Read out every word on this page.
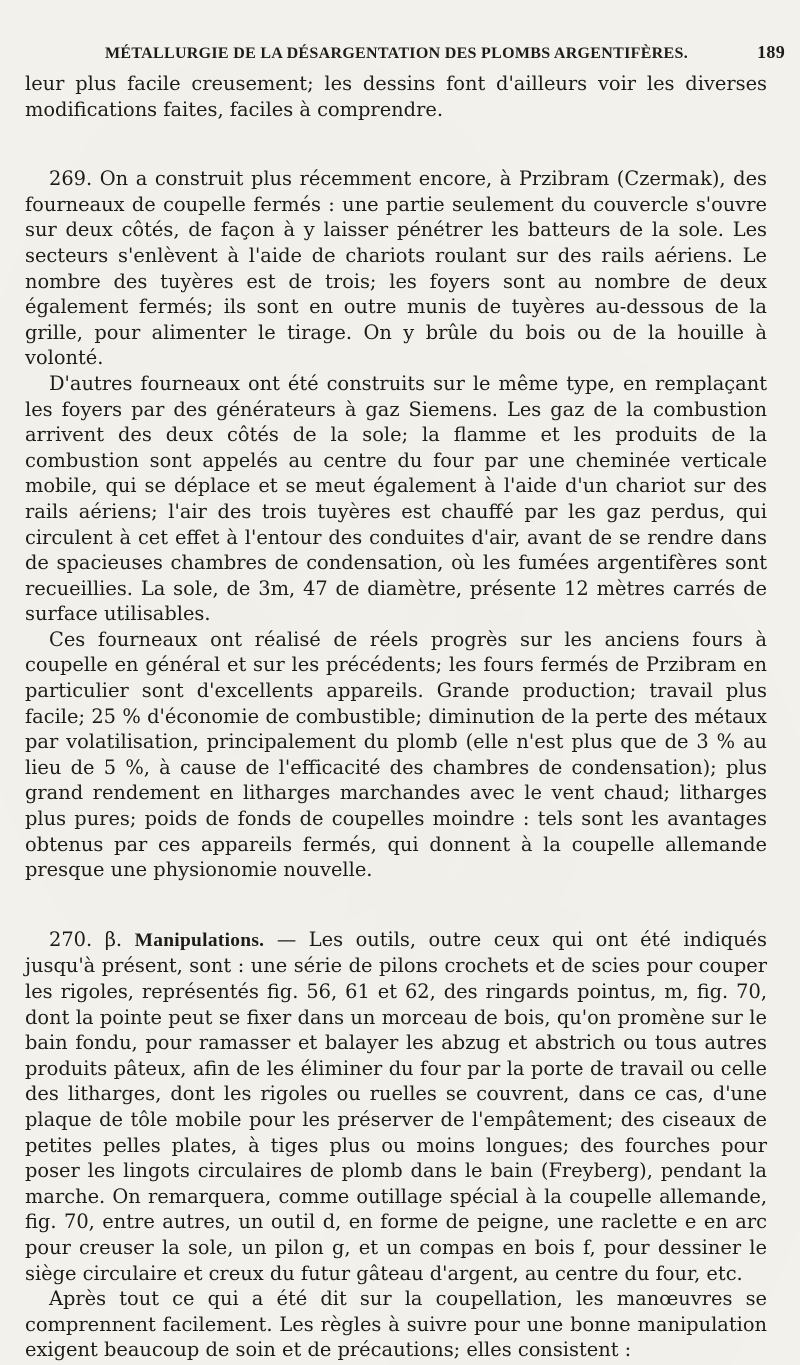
MÉTALLURGIE DE LA DÉSARGENTATION DES PLOMBS ARGENTIFÈRES.	189

leur plus facile creusement; les dessins font d'ailleurs voir les diverses modifications faites, faciles à comprendre.

269. On a construit plus récemment encore, à Przibram (Czermak), des fourneaux de coupelle fermés : une partie seulement du couvercle s'ouvre sur deux côtés, de façon à y laisser pénétrer les batteurs de la sole. Les secteurs s'enlèvent à l'aide de chariots roulant sur des rails aériens. Le nombre des tuyères est de trois; les foyers sont au nombre de deux également fermés; ils sont en outre munis de tuyères au-dessous de la grille, pour alimenter le tirage. On y brûle du bois ou de la houille à volonté.

D'autres fourneaux ont été construits sur le même type, en remplaçant les foyers par des générateurs à gaz Siemens. Les gaz de la combustion arrivent des deux côtés de la sole; la flamme et les produits de la combustion sont appelés au centre du four par une cheminée verticale mobile, qui se déplace et se meut également à l'aide d'un chariot sur des rails aériens; l'air des trois tuyères est chauffé par les gaz perdus, qui circulent à cet effet à l'entour des conduites d'air, avant de se rendre dans de spacieuses chambres de condensation, où les fumées argentifères sont recueillies. La sole, de 3m, 47 de diamètre, présente 12 mètres carrés de surface utilisables.

Ces fourneaux ont réalisé de réels progrès sur les anciens fours à coupelle en général et sur les précédents; les fours fermés de Przibram en particulier sont d'excellents appareils. Grande production; travail plus facile; 25 % d'économie de combustible; diminution de la perte des métaux par volatilisation, principalement du plomb (elle n'est plus que de 3 % au lieu de 5 %, à cause de l'efficacité des chambres de condensation); plus grand rendement en litharges marchandes avec le vent chaud; litharges plus pures; poids de fonds de coupelles moindre : tels sont les avantages obtenus par ces appareils fermés, qui donnent à la coupelle allemande presque une physionomie nouvelle.

270. β. Manipulations. — Les outils, outre ceux qui ont été indiqués jusqu'à présent, sont : une série de pilons crochets et de scies pour couper les rigoles, représentés fig. 56, 61 et 62, des ringards pointus, m, fig. 70, dont la pointe peut se fixer dans un morceau de bois, qu'on promène sur le bain fondu, pour ramasser et balayer les abzug et abstrich ou tous autres produits pâteux, afin de les éliminer du four par la porte de travail ou celle des litharges, dont les rigoles ou ruelles se couvrent, dans ce cas, d'une plaque de tôle mobile pour les préserver de l'empâtement; des ciseaux de petites pelles plates, à tiges plus ou moins longues; des fourches pour poser les lingots circulaires de plomb dans le bain (Freyberg), pendant la marche. On remarquera, comme outillage spécial à la coupelle allemande, fig. 70, entre autres, un outil d, en forme de peigne, une raclette e en arc pour creuser la sole, un pilon g, et un compas en bois f, pour dessiner le siège circulaire et creux du futur gâteau d'argent, au centre du four, etc.

Après tout ce qui a été dit sur la coupellation, les manœuvres se comprennent facilement. Les règles à suivre pour une bonne manipulation exigent beaucoup de soin et de précautions; elles consistent :
